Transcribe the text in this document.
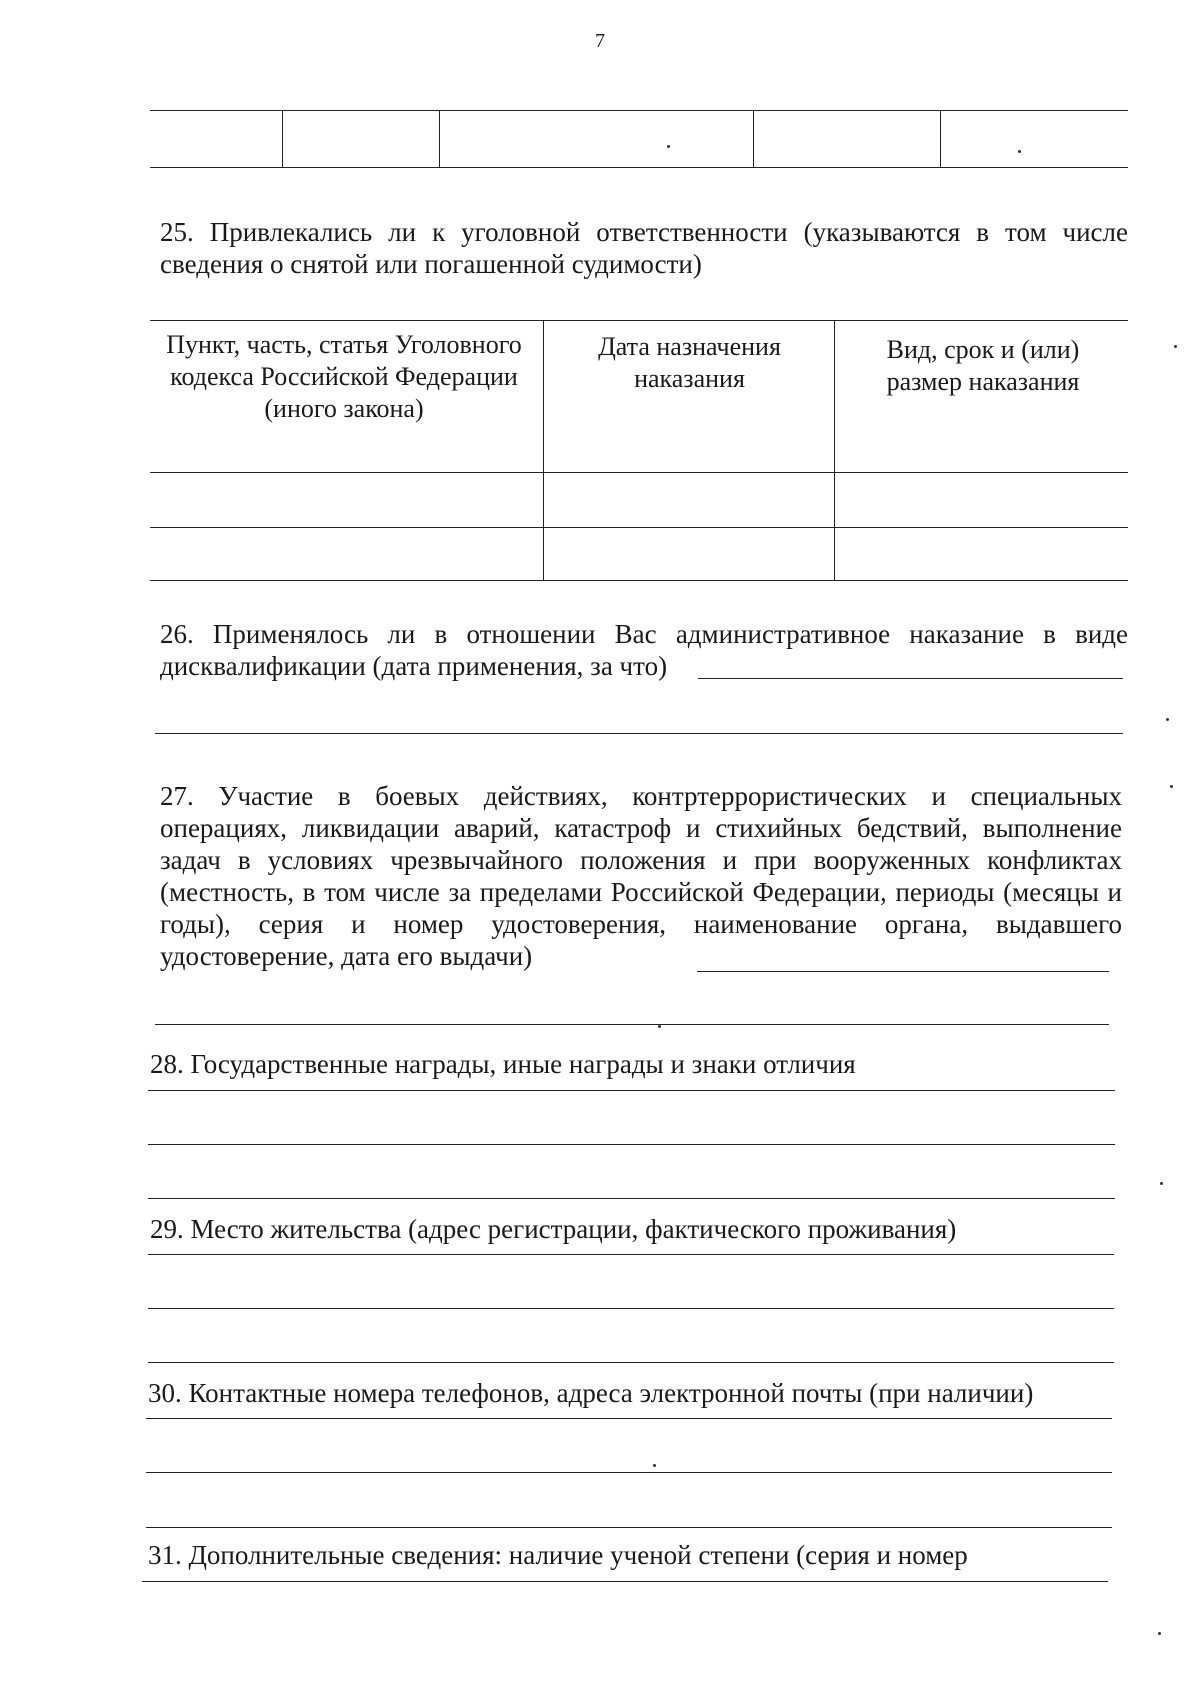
7
25. Привлекались ли к уголовной ответственности (указываются в том числе сведения о снятой или погашенной судимости)
Пункт, часть, статья Уголовного кодекса Российской Федерации (иного закона)
Дата назначения наказания
Вид, срок и (или) размер наказания
26. Применялось ли в отношении Вас административное наказание в виде дисквалификации (дата применения, за что)
27. Участие в боевых действиях, контртеррористических и специальных операциях, ликвидации аварий, катастроф и стихийных бедствий, выполнение задач в условиях чрезвычайного положения и при вооруженных конфликтах (местность, в том числе за пределами Российской Федерации, периоды (месяцы и годы), серия и номер удостоверения, наименование органа, выдавшего удостоверение, дата его выдачи)
28. Государственные награды, иные награды и знаки отличия
29. Место жительства (адрес регистрации, фактического проживания)
30. Контактные номера телефонов, адреса электронной почты (при наличии)
31. Дополнительные сведения: наличие ученой степени (серия и номер
